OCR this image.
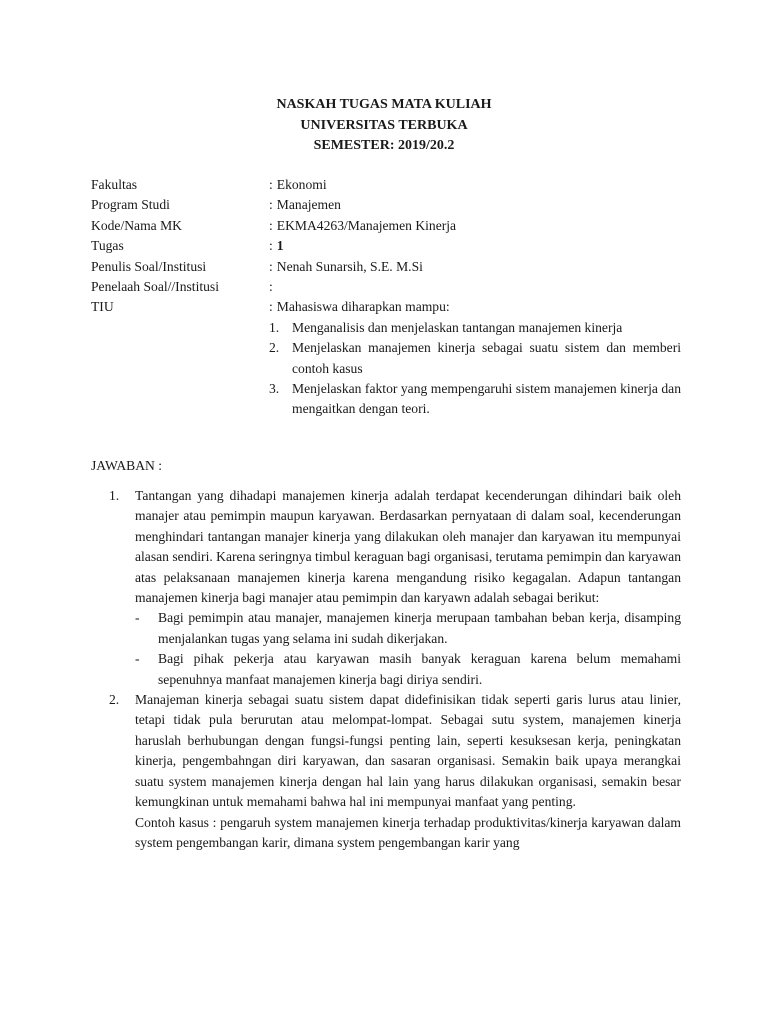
NASKAH TUGAS MATA KULIAH
UNIVERSITAS TERBUKA
SEMESTER: 2019/20.2
Fakultas	: Ekonomi
Program Studi	: Manajemen
Kode/Nama MK	: EKMA4263/Manajemen Kinerja
Tugas	: 1
Penulis Soal/Institusi	: Nenah Sunarsih, S.E. M.Si
Penelaah Soal//Institusi	:
TIU	: Mahasiswa diharapkan mampu:
1. Menganalisis dan menjelaskan tantangan manajemen kinerja
2. Menjelaskan manajemen kinerja sebagai suatu sistem dan memberi contoh kasus
3. Menjelaskan faktor yang mempengaruhi sistem manajemen kinerja dan mengaitkan dengan teori.
JAWABAN :
1.	Tantangan yang dihadapi manajemen kinerja adalah terdapat kecenderungan dihindari baik oleh manajer atau pemimpin maupun karyawan. Berdasarkan pernyataan di dalam soal, kecenderungan menghindari tantangan manajer kinerja yang dilakukan oleh manajer dan karyawan itu mempunyai alasan sendiri. Karena seringnya timbul keraguan bagi organisasi, terutama pemimpin dan karyawan atas pelaksanaan manajemen kinerja karena mengandung risiko kegagalan. Adapun tantangan manajemen kinerja bagi manajer atau pemimpin dan karyawn adalah sebagai berikut:

-	Bagi pemimpin atau manajer, manajemen kinerja merupaan tambahan beban kerja, disamping menjalankan tugas yang selama ini sudah dikerjakan.
-	Bagi pihak pekerja atau karyawan masih banyak keraguan karena belum memahami sepenuhnya manfaat manajemen kinerja bagi diriya sendiri.
2.	Manajeman kinerja sebagai suatu sistem dapat didefinisikan tidak seperti garis lurus atau linier, tetapi tidak pula berurutan atau melompat-lompat. Sebagai sutu system, manajemen kinerja haruslah berhubungan dengan fungsi-fungsi penting lain, seperti kesuksesan kerja, peningkatan kinerja, pengembahngan diri karyawan, dan sasaran organisasi. Semakin baik upaya merangkai suatu system manajemen kinerja dengan hal lain yang harus dilakukan organisasi, semakin besar kemungkinan untuk memahami bahwa hal ini mempunyai manfaat yang penting.

Contoh kasus : pengaruh system manajemen kinerja terhadap produktivitas/kinerja karyawan dalam system pengembangan karir, dimana system pengembangan karir yang
